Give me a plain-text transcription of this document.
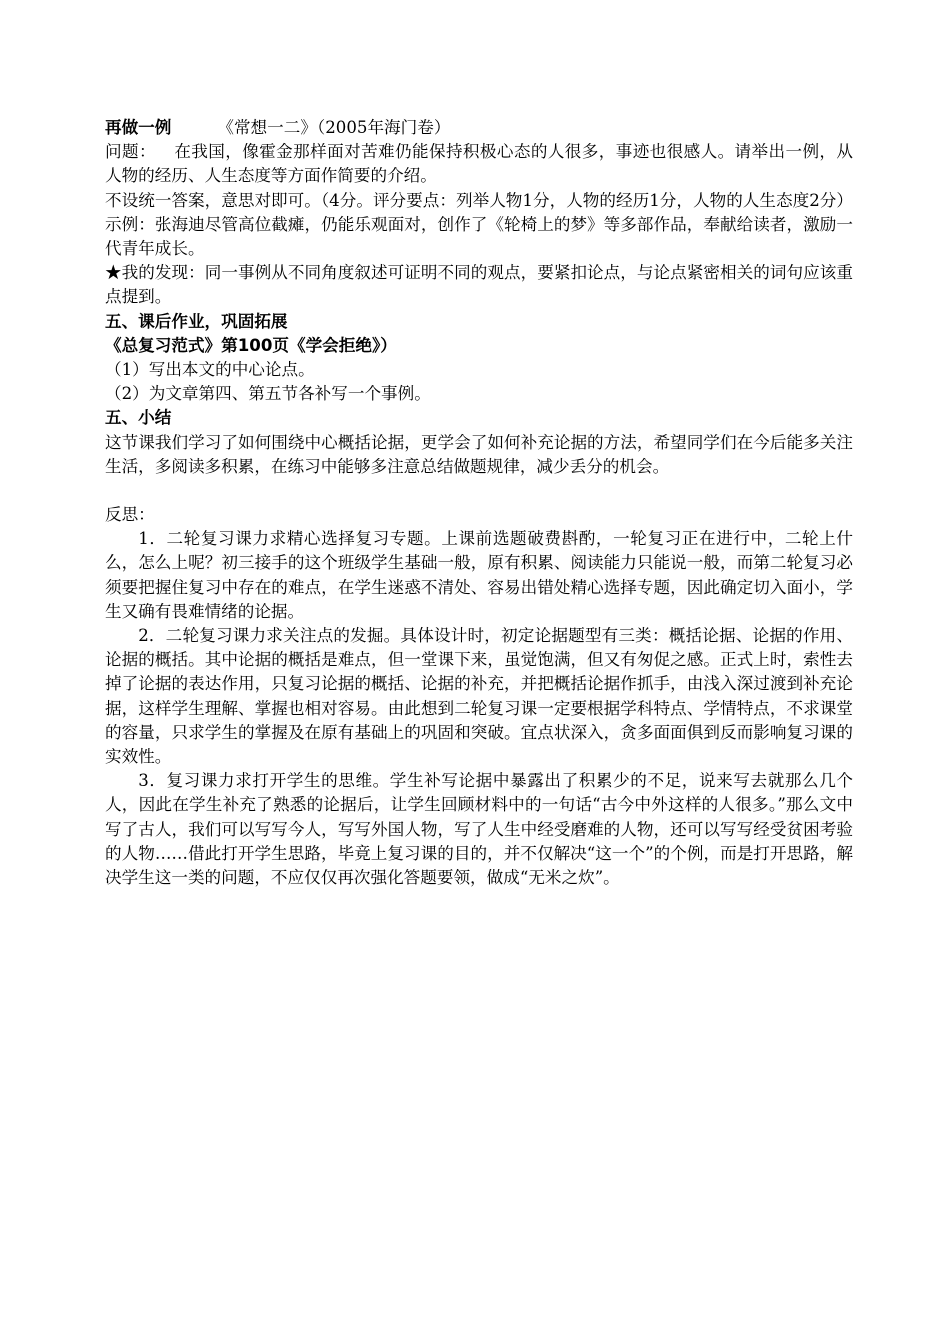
再做一例	《常想一二》（2005年海门卷）

问题： 在我国，像霍金那样面对苦难仍能保持积极心态的人很多，事迹也很感人。请举出一例，从人物的经历、人生态度等方面作简要的介绍。

不设统一答案，意思对即可。（4分。评分要点：列举人物1分，人物的经历1分，人物的人生态度2分）示例：张海迪尽管高位截瘫，仍能乐观面对，创作了《轮椅上的梦》等多部作品，奉献给读者，激励一代青年成长。

★我的发现：同一事例从不同角度叙述可证明不同的观点，要紧扣论点，与论点紧密相关的词句应该重点提到。

五、课后作业，巩固拓展

《总复习范式》第100页《学会拒绝》）

（1）写出本文的中心论点。

（2）为文章第四、第五节各补写一个事例。

五、小结

这节课我们学习了如何围绕中心概括论据，更学会了如何补充论据的方法，希望同学们在今后能多关注生活，多阅读多积累，在练习中能够多注意总结做题规律，减少丢分的机会。

反思：

1．二轮复习课力求精心选择复习专题。上课前选题破费斟酌，一轮复习正在进行中，二轮上什么，怎么上呢？初三接手的这个班级学生基础一般，原有积累、阅读能力只能说一般，而第二轮复习必须要把握住复习中存在的难点，在学生迷惑不清处、容易出错处精心选择专题，因此确定切入面小，学生又确有畏难情绪的论据。

2．二轮复习课力求关注点的发掘。具体设计时，初定论据题型有三类：概括论据、论据的作用、论据的概括。其中论据的概括是难点，但一堂课下来，虽觉饱满，但又有匆促之感。正式上时，索性去掉了论据的表达作用，只复习论据的概括、论据的补充，并把概括论据作抓手，由浅入深过渡到补充论据，这样学生理解、掌握也相对容易。由此想到二轮复习课一定要根据学科特点、学情特点，不求课堂的容量，只求学生的掌握及在原有基础上的巩固和突破。宜点状深入，贪多面面俱到反而影响复习课的实效性。

3．复习课力求打开学生的思维。学生补写论据中暴露出了积累少的不足，说来写去就那么几个人，因此在学生补充了熟悉的论据后，让学生回顾材料中的一句话“古今中外这样的人很多。”那么文中写了古人，我们可以写写今人，写写外国人物，写了人生中经受磨难的人物，还可以写写经受贫困考验的人物……借此打开学生思路，毕竟上复习课的目的，并不仅解决“这一个”的个例，而是打开思路，解决学生这一类的问题，不应仅仅再次强化答题要领，做成“无米之炊”。
